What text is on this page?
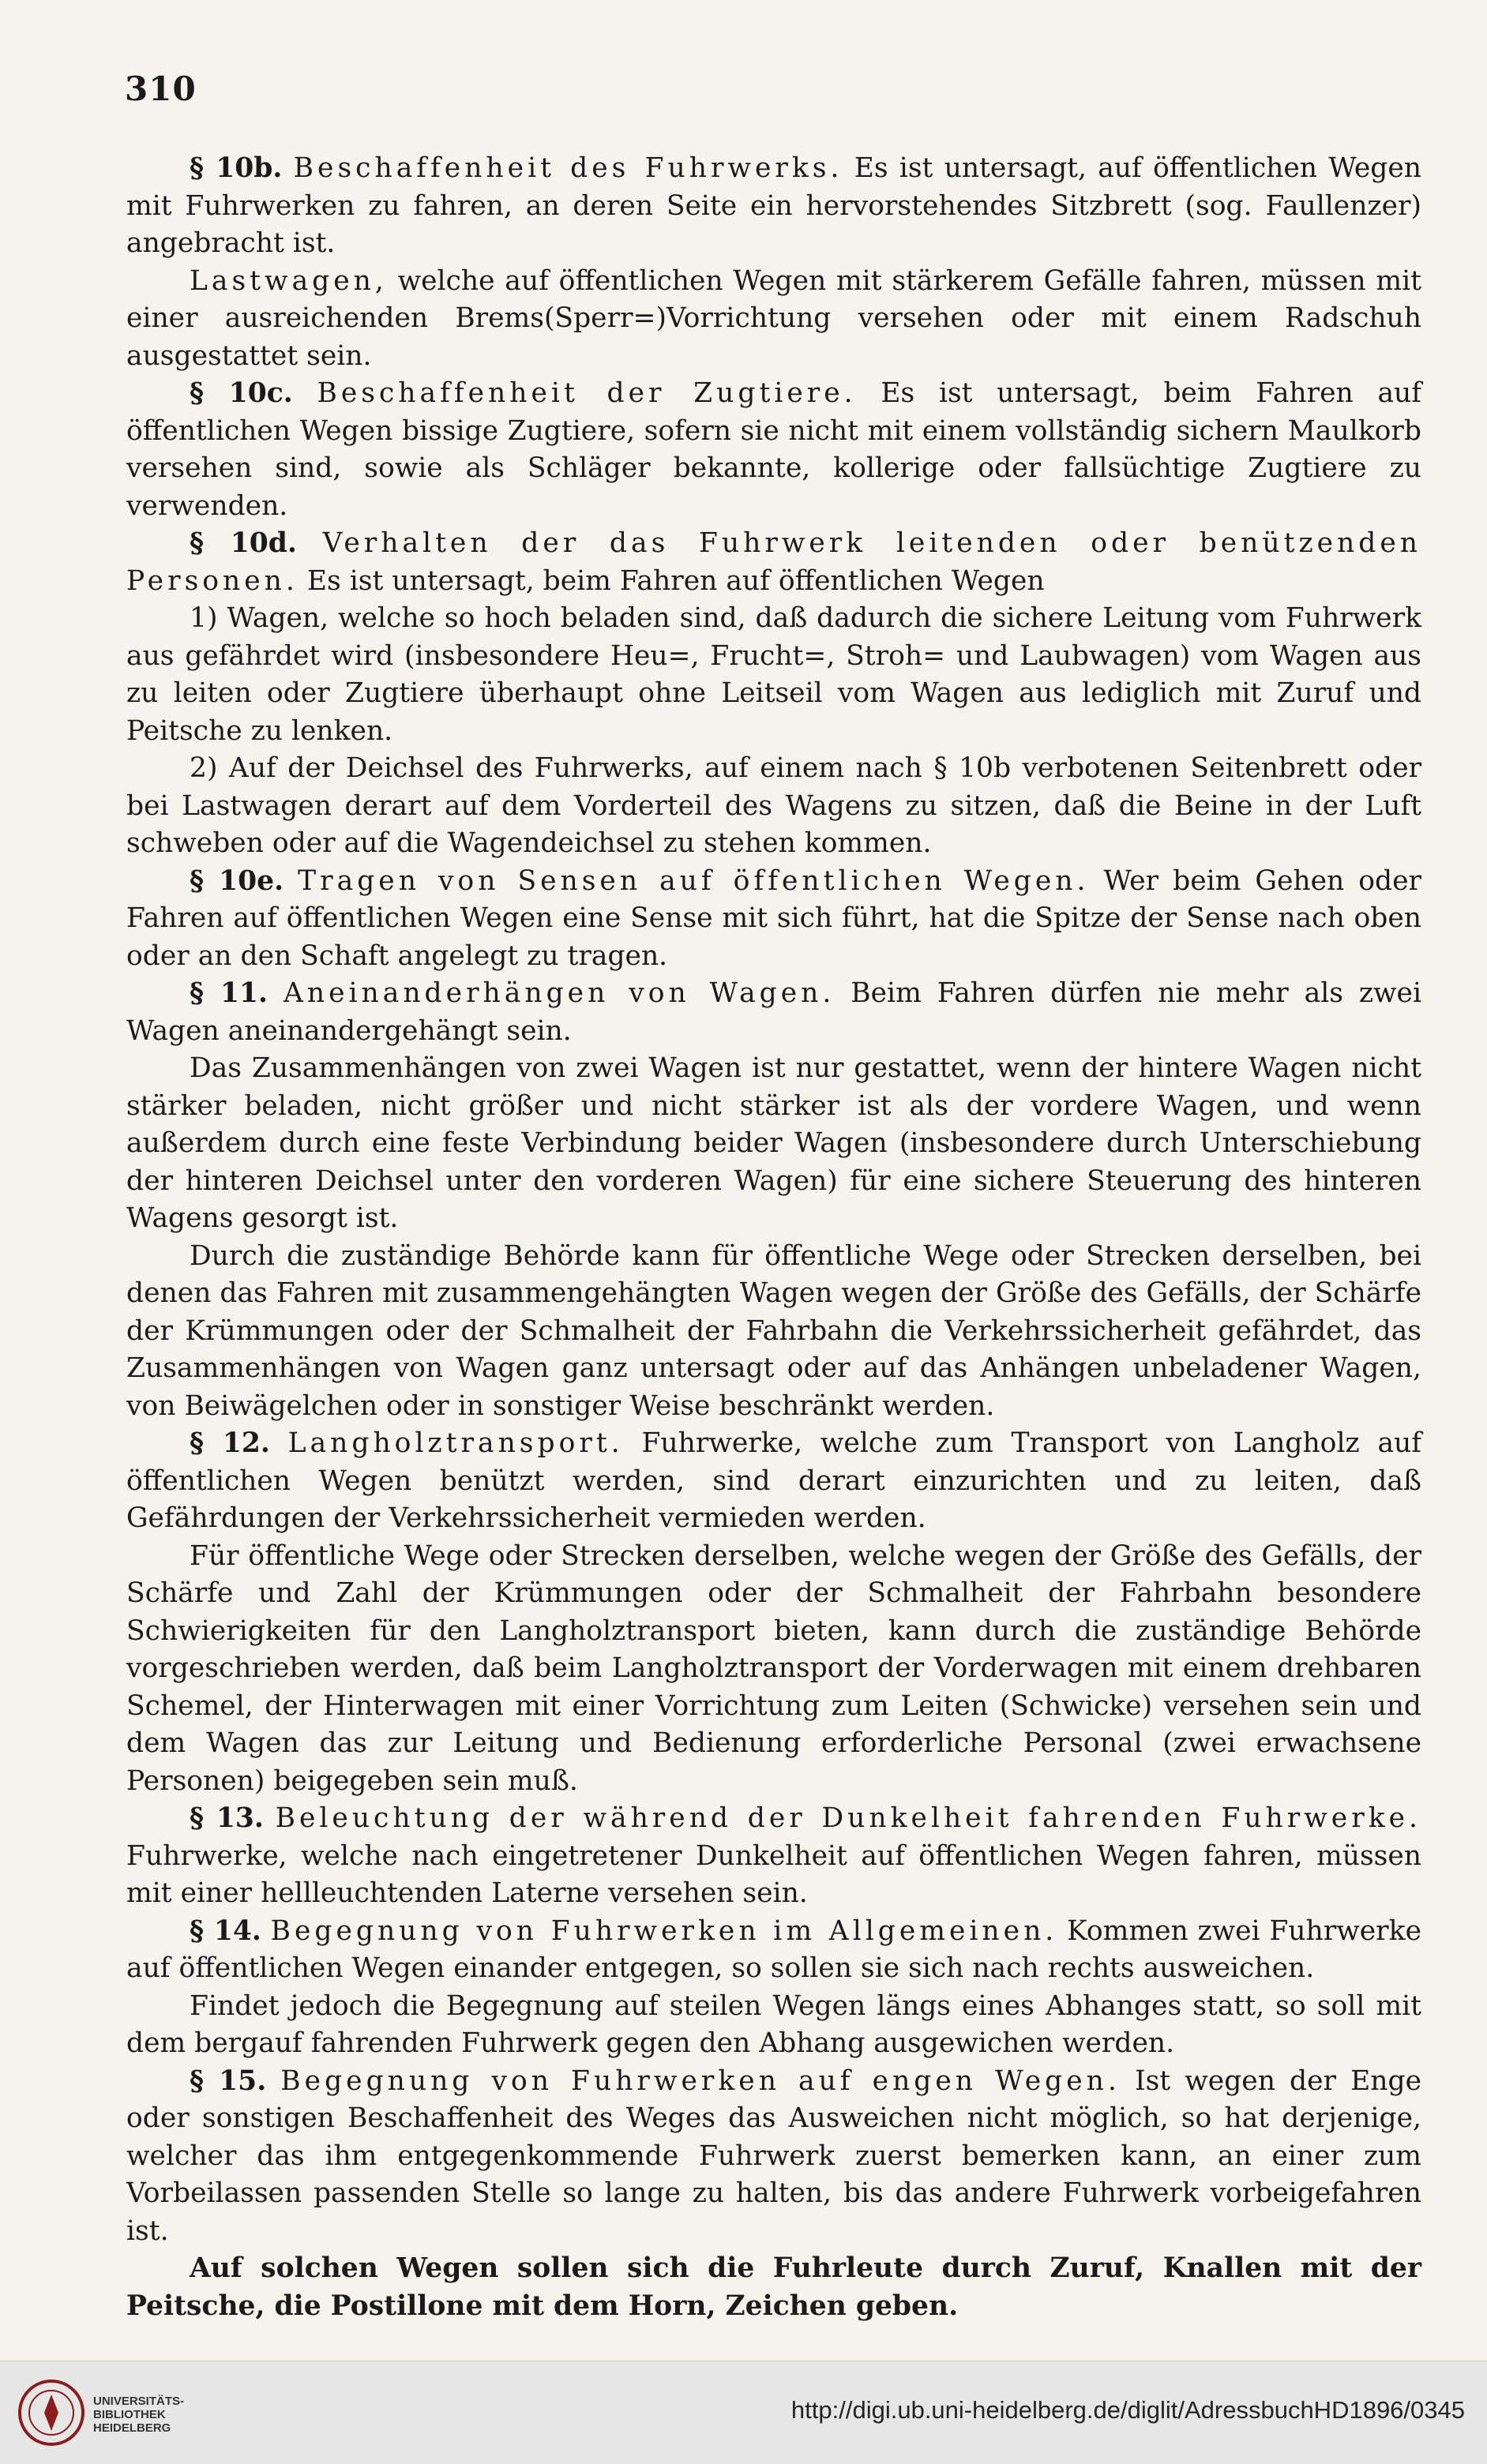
310

§ 10b. Beschaffenheit des Fuhrwerks. Es ist untersagt, auf öffentlichen Wegen mit Fuhrwerken zu fahren, an deren Seite ein hervorstehendes Sitzbrett (sog. Faullenzer) angebracht ist.

Lastwagen, welche auf öffentlichen Wegen mit stärkerem Gefälle fahren, müssen mit einer ausreichenden Brems(Sperr=)Vorrichtung versehen oder mit einem Radschuh ausgestattet sein.

§ 10c. Beschaffenheit der Zugtiere. Es ist untersagt, beim Fahren auf öffentlichen Wegen bissige Zugtiere, sofern sie nicht mit einem vollständig sichern Maulkorb versehen sind, sowie als Schläger bekannte, kollerige oder fallsüchtige Zugtiere zu verwenden.

§ 10d. Verhalten der das Fuhrwerk leitenden oder benützenden Personen. Es ist untersagt, beim Fahren auf öffentlichen Wegen

1) Wagen, welche so hoch beladen sind, daß dadurch die sichere Leitung vom Fuhrwerk aus gefährdet wird (insbesondere Heu=, Frucht=, Stroh= und Laubwagen) vom Wagen aus zu leiten oder Zugtiere überhaupt ohne Leitseil vom Wagen aus lediglich mit Zuruf und Peitsche zu lenken.

2) Auf der Deichsel des Fuhrwerks, auf einem nach § 10b verbotenen Seitenbrett oder bei Lastwagen derart auf dem Vorderteil des Wagens zu sitzen, daß die Beine in der Luft schweben oder auf die Wagendeichsel zu stehen kommen.

§ 10e. Tragen von Sensen auf öffentlichen Wegen. Wer beim Gehen oder Fahren auf öffentlichen Wegen eine Sense mit sich führt, hat die Spitze der Sense nach oben oder an den Schaft angelegt zu tragen.

§ 11. Aneinanderhängen von Wagen. Beim Fahren dürfen nie mehr als zwei Wagen aneinandergehängt sein.

Das Zusammenhängen von zwei Wagen ist nur gestattet, wenn der hintere Wagen nicht stärker beladen, nicht größer und nicht stärker ist als der vordere Wagen, und wenn außerdem durch eine feste Verbindung beider Wagen (insbesondere durch Unterschiebung der hinteren Deichsel unter den vorderen Wagen) für eine sichere Steuerung des hinteren Wagens gesorgt ist.

Durch die zuständige Behörde kann für öffentliche Wege oder Strecken derselben, bei denen das Fahren mit zusammengehängten Wagen wegen der Größe des Gefälls, der Schärfe der Krümmungen oder der Schmalheit der Fahrbahn die Verkehrssicherheit gefährdet, das Zusammenhängen von Wagen ganz untersagt oder auf das Anhängen unbeladener Wagen, von Beiwägelchen oder in sonstiger Weise beschränkt werden.

§ 12. Langholztransport. Fuhrwerke, welche zum Transport von Langholz auf öffentlichen Wegen benützt werden, sind derart einzurichten und zu leiten, daß Gefährdungen der Verkehrssicherheit vermieden werden.

Für öffentliche Wege oder Strecken derselben, welche wegen der Größe des Gefälls, der Schärfe und Zahl der Krümmungen oder der Schmalheit der Fahrbahn besondere Schwierigkeiten für den Langholztransport bieten, kann durch die zuständige Behörde vorgeschrieben werden, daß beim Langholztransport der Vorderwagen mit einem drehbaren Schemel, der Hinterwagen mit einer Vorrichtung zum Leiten (Schwicke) versehen sein und dem Wagen das zur Leitung und Bedienung erforderliche Personal (zwei erwachsene Personen) beigegeben sein muß.

§ 13. Beleuchtung der während der Dunkelheit fahrenden Fuhrwerke. Fuhrwerke, welche nach eingetretener Dunkelheit auf öffentlichen Wegen fahren, müssen mit einer hellleuchtenden Laterne versehen sein.

§ 14. Begegnung von Fuhrwerken im Allgemeinen. Kommen zwei Fuhrwerke auf öffentlichen Wegen einander entgegen, so sollen sie sich nach rechts ausweichen.

Findet jedoch die Begegnung auf steilen Wegen längs eines Abhanges statt, so soll mit dem bergauf fahrenden Fuhrwerk gegen den Abhang ausgewichen werden.

§ 15. Begegnung von Fuhrwerken auf engen Wegen. Ist wegen der Enge oder sonstigen Beschaffenheit des Weges das Ausweichen nicht möglich, so hat derjenige, welcher das ihm entgegenkommende Fuhrwerk zuerst bemerken kann, an einer zum Vorbeilassen passenden Stelle so lange zu halten, bis das andere Fuhrwerk vorbeigefahren ist.

Auf solchen Wegen sollen sich die Fuhrleute durch Zuruf, Knallen mit der Peitsche, die Postillone mit dem Horn, Zeichen geben.

UNIVERSITÄTS-
BIBLIOTHEK
HEIDELBERG
http://digi.ub.uni-heidelberg.de/diglit/AdressbuchHD1896/0345
